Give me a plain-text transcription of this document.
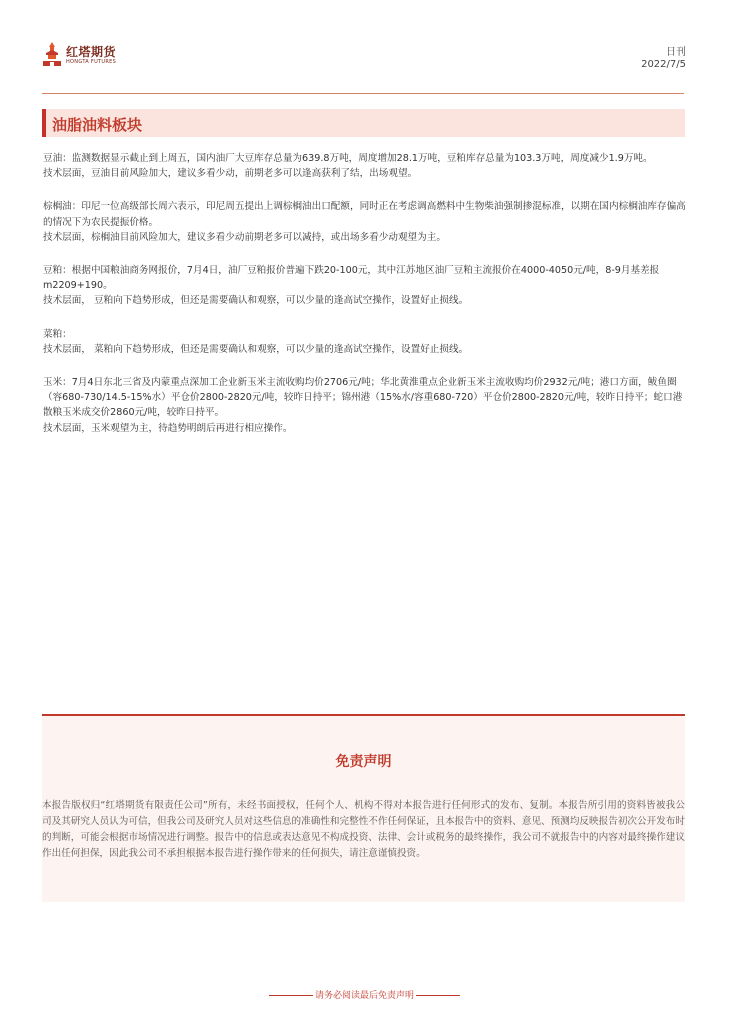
红塔期货
HONGTA FUTURES
日刊
2022/7/5
油脂油料板块

豆油：监测数据显示截止到上周五，国内油厂大豆库存总量为639.8万吨，周度增加28.1万吨，豆粕库存总量为103.3万吨，周度减少1.9万吨。

技术层面，豆油目前风险加大，建议多看少动，前期老多可以逢高获利了结，出场观望。

棕榈油：印尼一位高级部长周六表示，印尼周五提出上调棕榈油出口配额，同时正在考虑调高燃料中生物柴油强制掺混标准，以期在国内棕榈油库存偏高的情况下为农民提振价格。

技术层面，棕榈油目前风险加大，建议多看少动前期老多可以减持，或出场多看少动观望为主。

豆粕：根据中国粮油商务网报价，7月4日，油厂豆粕报价普遍下跌20-100元，其中江苏地区油厂豆粕主流报价在4000-4050元/吨，8-9月基差报m2209+190。

技术层面， 豆粕向下趋势形成，但还是需要确认和观察，可以少量的逢高试空操作，设置好止损线。

菜粕：

技术层面， 菜粕向下趋势形成，但还是需要确认和观察，可以少量的逢高试空操作，设置好止损线。

玉米：7月4日东北三省及内蒙重点深加工企业新玉米主流收购均价2706元/吨；华北黄淮重点企业新玉米主流收购均价2932元/吨；港口方面，鲅鱼圈（容680-730/14.5-15%水）平仓价2800-2820元/吨，较昨日持平；锦州港（15%水/容重680-720）平仓价2800-2820元/吨，较昨日持平；蛇口港散粮玉米成交价2860元/吨，较昨日持平。

技术层面，玉米观望为主，待趋势明朗后再进行相应操作。

免责声明
本报告版权归“红塔期货有限责任公司”所有，未经书面授权，任何个人、机构不得对本报告进行任何形式的发布、复制。本报告所引用的资料皆被我公司及其研究人员认为可信，但我公司及研究人员对这些信息的准确性和完整性不作任何保证，且本报告中的资料、意见、预测均反映报告初次公开发布时的判断，可能会根据市场情况进行调整。报告中的信息或表达意见不构成投资、法律、会计或税务的最终操作，我公司不就报告中的内容对最终操作建议作出任何担保，因此我公司不承担根据本报告进行操作带来的任何损失，请注意谨慎投资。
请务必阅读最后免责声明
